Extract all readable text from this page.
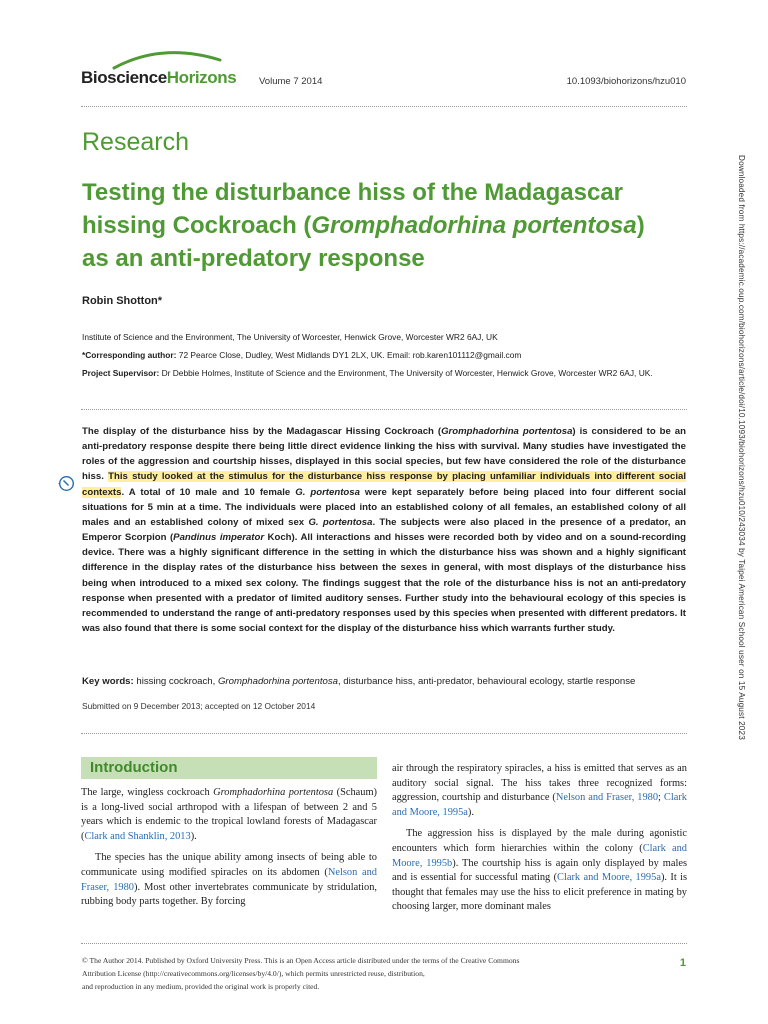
BioscienceHorizons Volume 7 2014	10.1093/biohorizons/hzu010
Research
Testing the disturbance hiss of the Madagascar
hissing Cockroach (Gromphadorhina portentosa)
as an anti-predatory response
Robin Shotton*
Institute of Science and the Environment, The University of Worcester, Henwick Grove, Worcester WR2 6AJ, UK
*Corresponding author: 72 Pearce Close, Dudley, West Midlands DY1 2LX, UK. Email: rob.karen101112@gmail.com
Project Supervisor: Dr Debbie Holmes, Institute of Science and the Environment, The University of Worcester, Henwick Grove, Worcester WR2 6AJ, UK.
The display of the disturbance hiss by the Madagascar Hissing Cockroach (Gromphadorhina portentosa) is considered to be an anti-predatory response despite there being little direct evidence linking the hiss with survival. Many studies have investigated the roles of the aggression and courtship hisses, displayed in this social species, but few have considered the role of the disturbance hiss. This study looked at the stimulus for the disturbance hiss response by placing unfamiliar individuals into different social contexts. A total of 10 male and 10 female G. portentosa were kept separately before being placed into four different social situations for 5 min at a time. The individuals were placed into an established colony of all females, an established colony of all males and an established colony of mixed sex G. portentosa. The subjects were also placed in the presence of a predator, an Emperor Scorpion (Pandinus imperator Koch). All interactions and hisses were recorded both by video and on a sound-recording device. There was a highly significant difference in the setting in which the disturbance hiss was shown and a highly significant difference in the display rates of the disturbance hiss between the sexes in general, with most displays of the disturbance hiss being when introduced to a mixed sex colony. The findings suggest that the role of the disturbance hiss is not an anti-predatory response when presented with a predator of limited auditory senses. Further study into the behavioural ecology of this species is recommended to understand the range of anti-predatory responses used by this species when presented with different predators. It was also found that there is some social context for the display of the disturbance hiss which warrants further study.
Key words: hissing cockroach, Gromphadorhina portentosa, disturbance hiss, anti-predator, behavioural ecology, startle response
Submitted on 9 December 2013; accepted on 12 October 2014
Introduction

The large, wingless cockroach Gromphadorhina portentosa (Schaum) is a long-lived social arthropod with a lifespan of between 2 and 5 years which is endemic to the tropical lowland forests of Madagascar (Clark and Shanklin, 2013).

The species has the unique ability among insects of being able to communicate using modified spiracles on its abdomen (Nelson and Fraser, 1980). Most other invertebrates communicate by stridulation, rubbing body parts together. By forcing

air through the respiratory spiracles, a hiss is emitted that serves as an auditory social signal. The hiss takes three recognized forms: aggression, courtship and disturbance (Nelson and Fraser, 1980; Clark and Moore, 1995a).

The aggression hiss is displayed by the male during agonistic encounters which form hierarchies within the colony (Clark and Moore, 1995b). The courtship hiss is again only displayed by males and is essential for successful mating (Clark and Moore, 1995a). It is thought that females may use the hiss to elicit preference in mating by choosing larger, more dominant males

© The Author 2014. Published by Oxford University Press. This is an Open Access article distributed under the terms of the Creative Commons
Attribution License (http://creativecommons.org/licenses/by/4.0/), which permits unrestricted reuse, distribution,
and reproduction in any medium, provided the original work is properly cited.
1
Downloaded from https://academic.oup.com/biohorizons/article/doi/10.1093/biohorizons/hzu010/243034 by Taipei American School user on 15 August 2023
